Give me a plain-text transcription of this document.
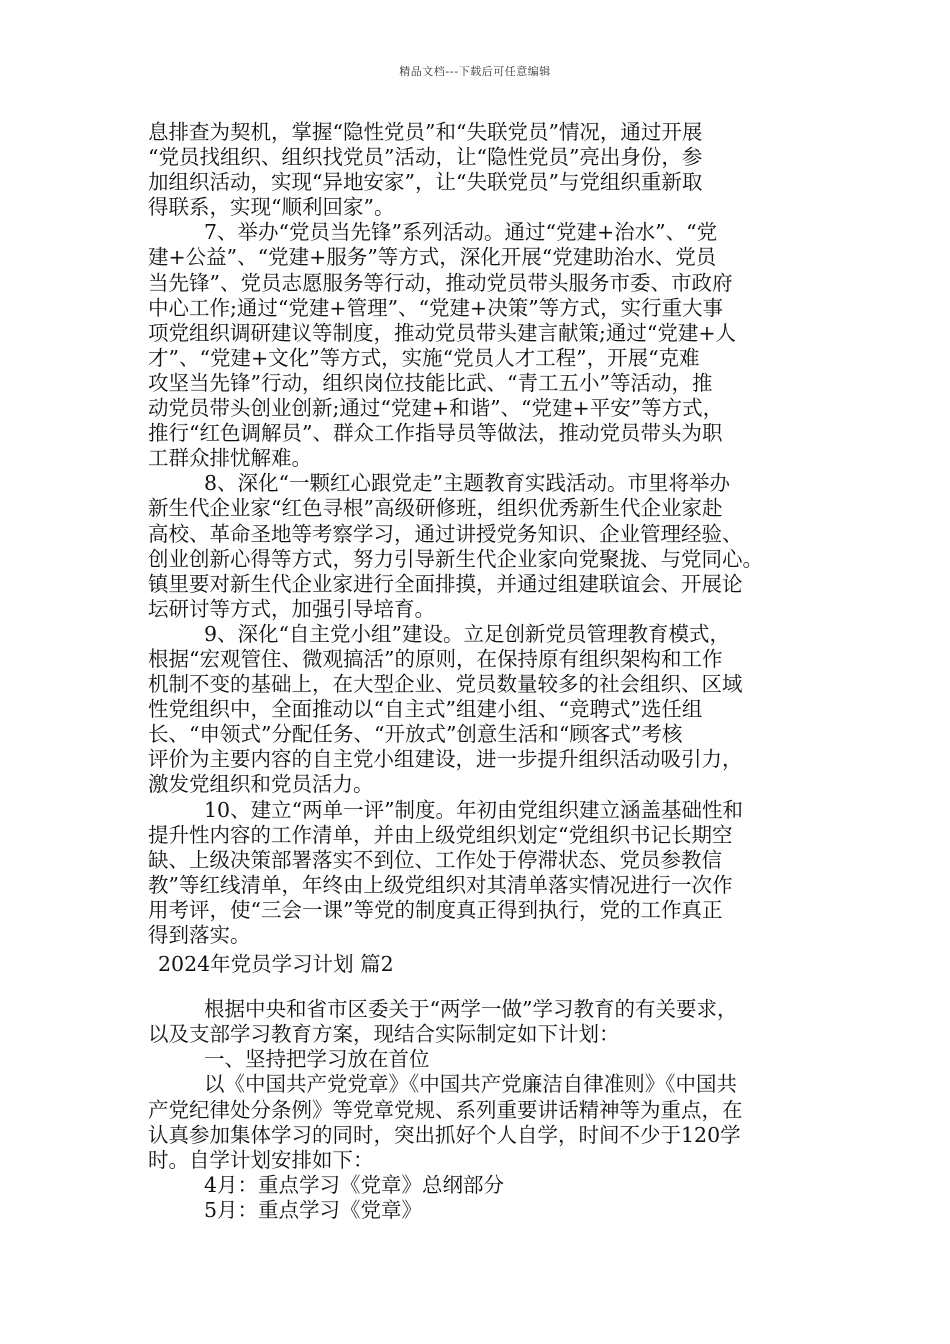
精品文档---下载后可任意编辑
息排查为契机，掌握“隐性党员”和“失联党员”情况，通过开展
“党员找组织、组织找党员”活动，让“隐性党员”亮出身份，参
加组织活动，实现“异地安家”，让“失联党员”与党组织重新取
得联系，实现“顺利回家”。
7、举办“党员当先锋”系列活动。通过“党建+治水”、“党
建+公益”、“党建+服务”等方式，深化开展“党建助治水、党员
当先锋”、党员志愿服务等行动，推动党员带头服务市委、市政府
中心工作;通过“党建+管理”、“党建+决策”等方式，实行重大事
项党组织调研建议等制度，推动党员带头建言献策;通过“党建+人
才”、“党建+文化”等方式，实施“党员人才工程”，开展“克难
攻坚当先锋”行动，组织岗位技能比武、“青工五小”等活动，推
动党员带头创业创新;通过“党建+和谐”、“党建+平安”等方式，
推行“红色调解员”、群众工作指导员等做法，推动党员带头为职
工群众排忧解难。
8、深化“一颗红心跟党走”主题教育实践活动。市里将举办
新生代企业家“红色寻根”高级研修班，组织优秀新生代企业家赴
高校、革命圣地等考察学习，通过讲授党务知识、企业管理经验、
创业创新心得等方式，努力引导新生代企业家向党聚拢、与党同心。
镇里要对新生代企业家进行全面排摸，并通过组建联谊会、开展论
坛研讨等方式，加强引导培育。
9、深化“自主党小组”建设。立足创新党员管理教育模式，
根据“宏观管住、微观搞活”的原则，在保持原有组织架构和工作
机制不变的基础上，在大型企业、党员数量较多的社会组织、区域
性党组织中，全面推动以“自主式”组建小组、“竞聘式”选任组
长、“申领式”分配任务、“开放式”创意生活和“顾客式”考核
评价为主要内容的自主党小组建设，进一步提升组织活动吸引力，
激发党组织和党员活力。
10、建立“两单一评”制度。年初由党组织建立涵盖基础性和
提升性内容的工作清单，并由上级党组织划定“党组织书记长期空
缺、上级决策部署落实不到位、工作处于停滞状态、党员参教信
教”等红线清单，年终由上级党组织对其清单落实情况进行一次作
用考评，使“三会一课”等党的制度真正得到执行，党的工作真正
得到落实。
2024年党员学习计划 篇2
根据中央和省市区委关于“两学一做”学习教育的有关要求，
以及支部学习教育方案，现结合实际制定如下计划：
一、坚持把学习放在首位
以《中国共产党党章》《中国共产党廉洁自律准则》《中国共
产党纪律处分条例》等党章党规、系列重要讲话精神等为重点，在
认真参加集体学习的同时，突出抓好个人自学，时间不少于120学
时。自学计划安排如下：
4月：重点学习《党章》总纲部分
5月：重点学习《党章》
